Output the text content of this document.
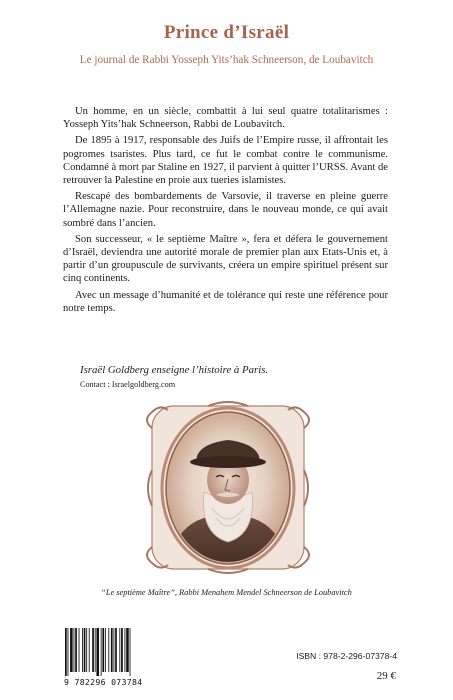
Prince d’Israël
Le journal de Rabbi Yosseph Yits’hak Schneerson, de Loubavitch

Un homme, en un siècle, combattit à lui seul quatre totalitarismes : Yosseph Yits’hak Schneerson, Rabbi de Loubavitch.

De 1895 à 1917, responsable des Juifs de l’Empire russe, il affrontait les pogromes tsaristes. Plus tard, ce fut le combat contre le communisme. Condamné à mort par Staline en 1927, il parvient à quitter l’URSS. Avant de retrouver la Palestine en proie aux tueries islamistes.

Rescapé des bombardements de Varsovie, il traverse en pleine guerre l’Allemagne nazie. Pour reconstruire, dans le nouveau monde, ce qui avait sombré dans l’ancien.

Son successeur, « le septième Maître », fera et défera le gouvernement d’Israël, deviendra une autorité morale de premier plan aux Etats-Unis et, à partir d’un groupuscule de survivants, créera un empire spirituel présent sur cinq continents.

Avec un message d’humanité et de tolérance qui reste une référence pour notre temps.

Israël Goldberg enseigne l’histoire à Paris.
Contact : Israelgoldberg.com
“Le septième Maître”, Rabbi Menahem Mendel Schneerson de Loubavitch
9 782296 073784
ISBN : 978-2-296-07378-4
29 €
